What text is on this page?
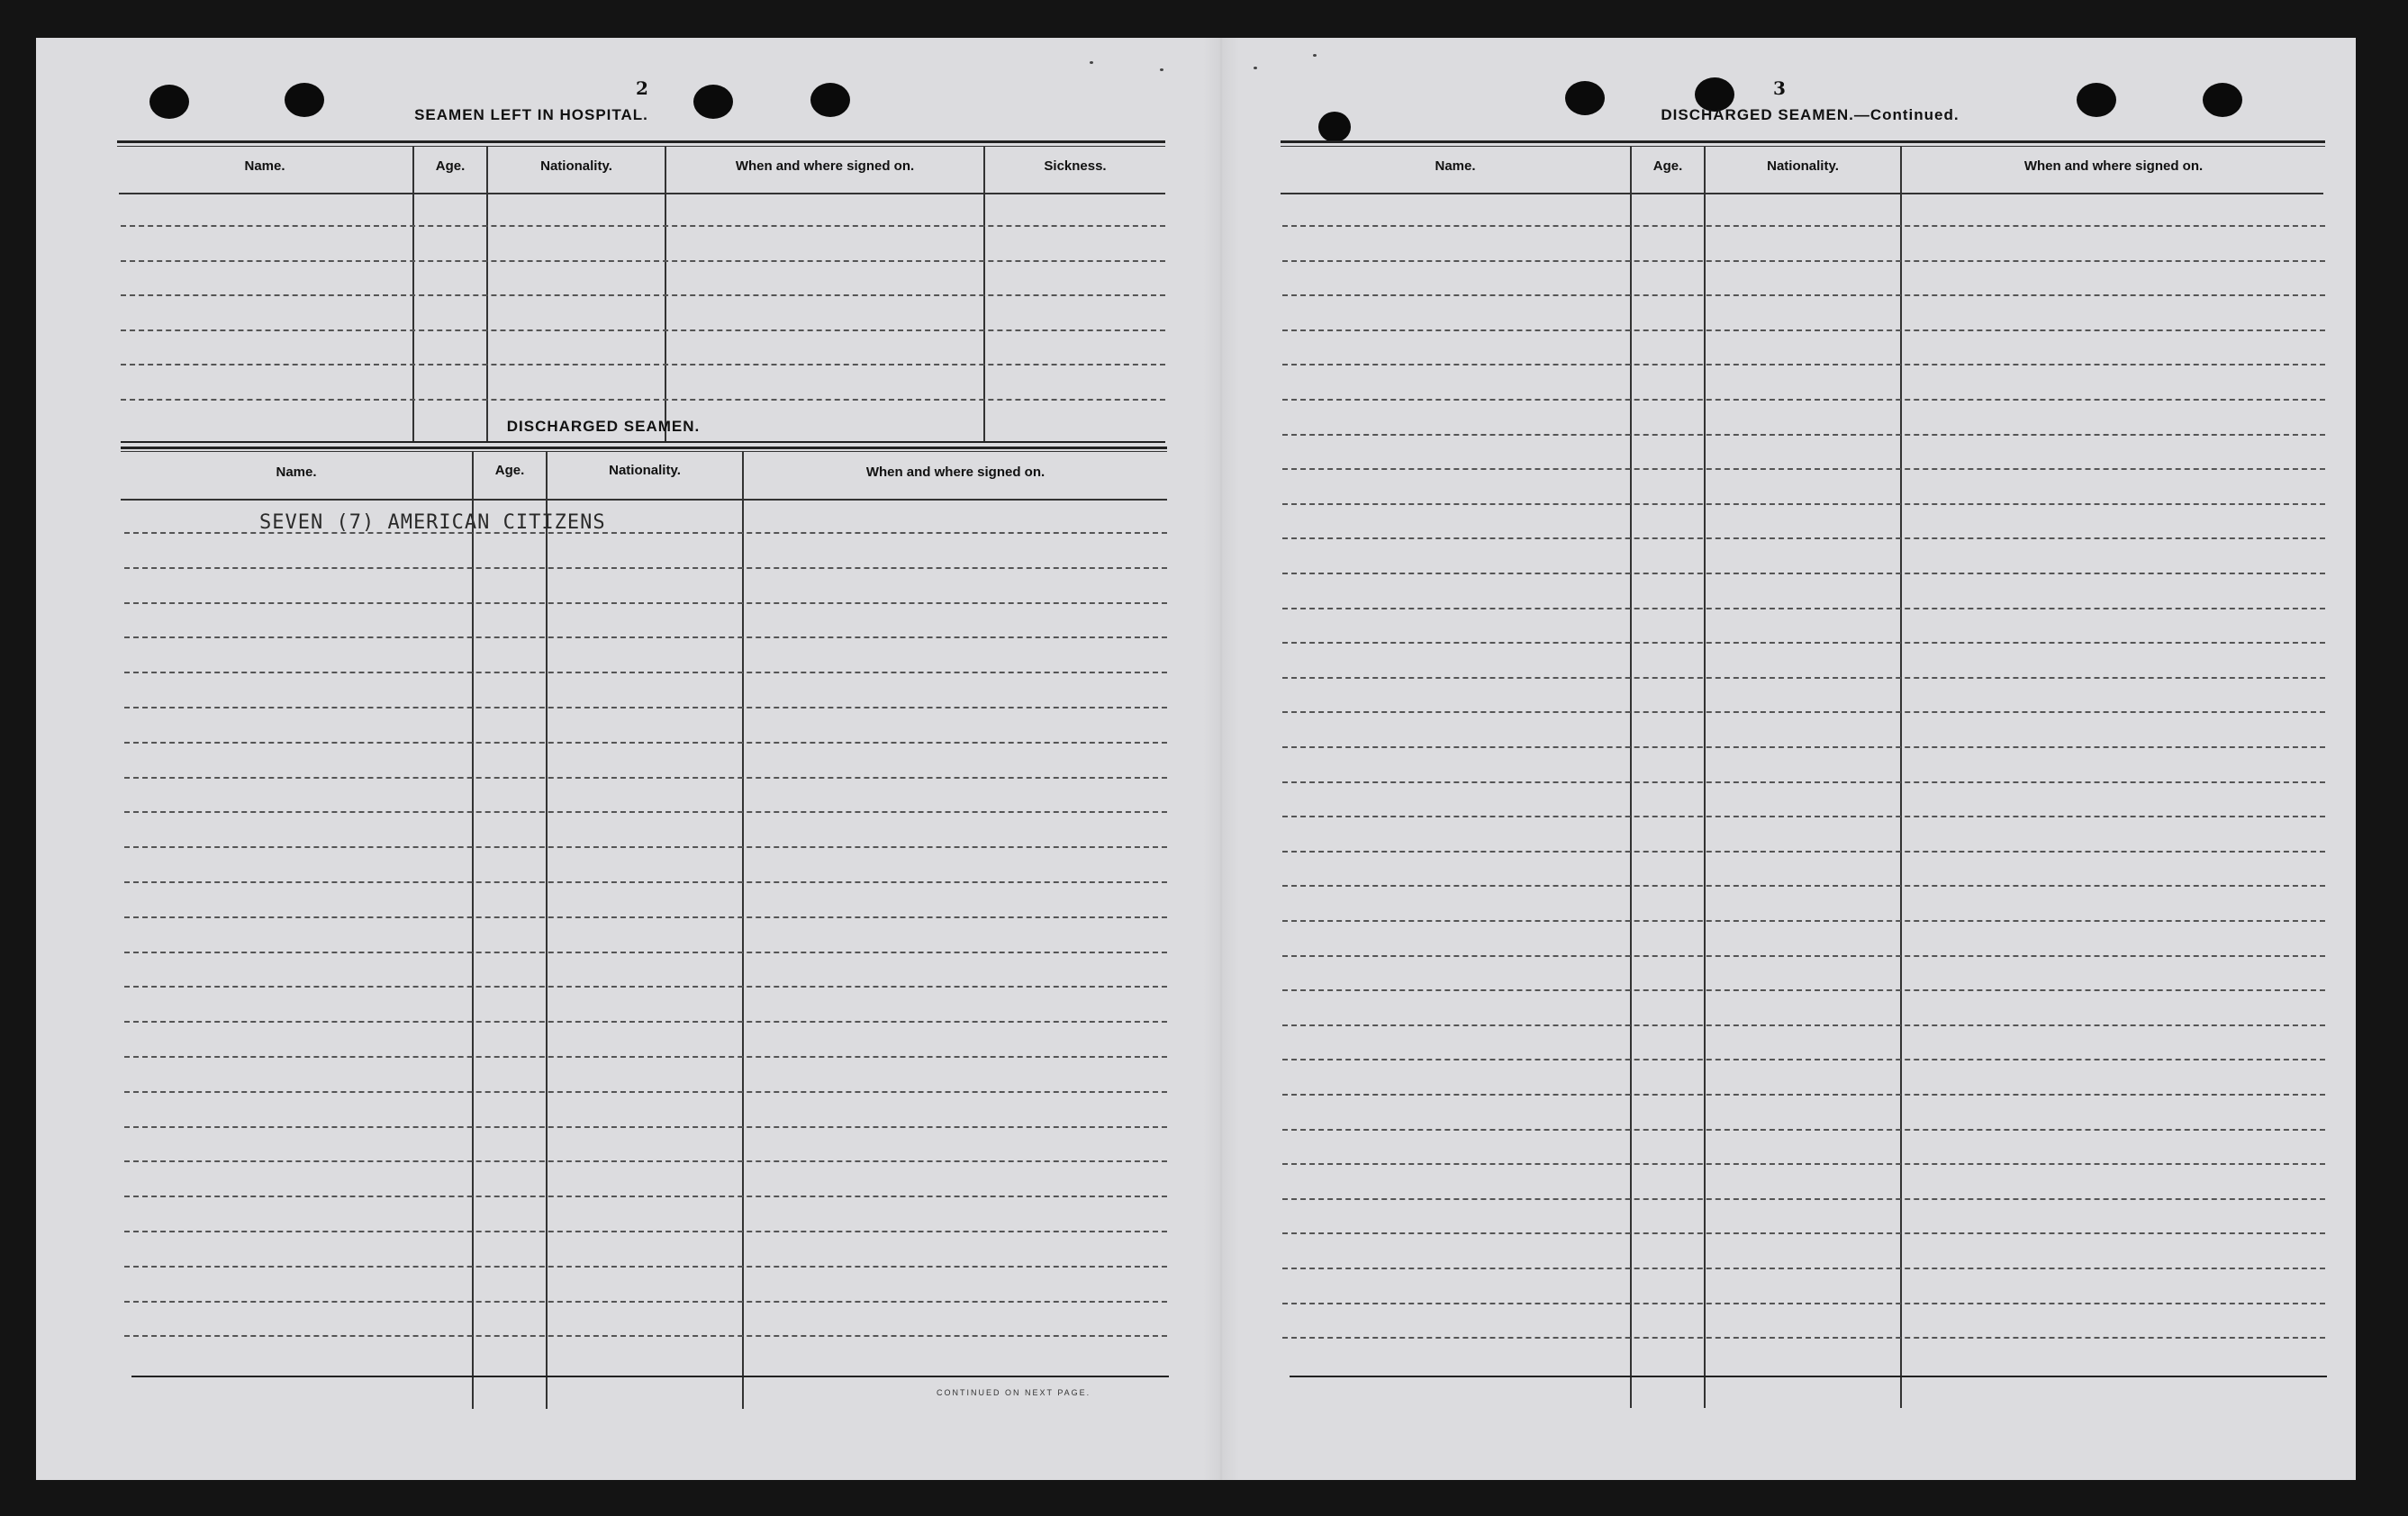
2
SEAMEN LEFT IN HOSPITAL.
Name.	Age.	Nationality.	When and where signed on.	Sickness.
DISCHARGED SEAMEN.
Name.	Age.	Nationality.	When and where signed on.
SEVEN (7) AMERICAN CITIZENS
CONTINUED ON NEXT PAGE.
3
DISCHARGED SEAMEN.—Continued.
Name.	Age.	Nationality.	When and where signed on.
